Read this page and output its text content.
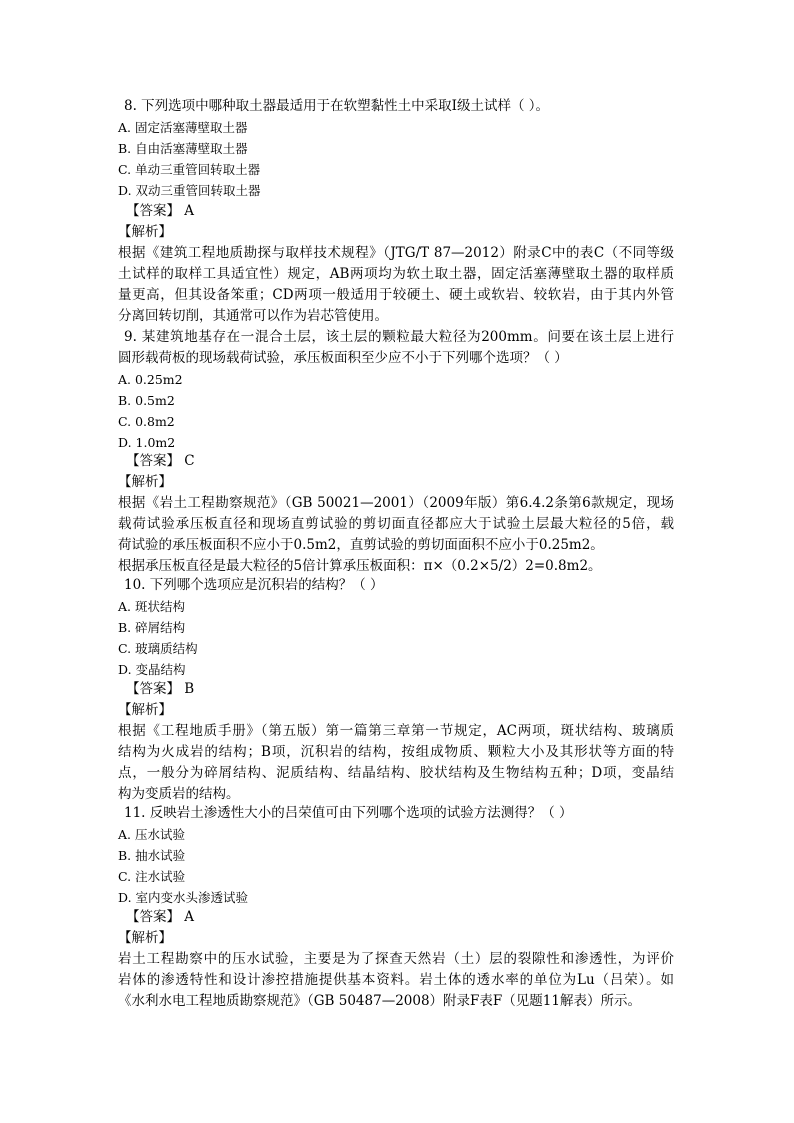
8. 下列选项中哪种取土器最适用于在软塑黏性土中采取Ⅰ级土试样（ ）。
A. 固定活塞薄壁取土器
B. 自由活塞薄壁取土器
C. 单动三重管回转取土器
D. 双动三重管回转取土器
【答案】 A
【解析】
根据《建筑工程地质勘探与取样技术规程》（JTG/T 87—2012）附录C中的表C（不同等级
土试样的取样工具适宜性）规定，AB两项均为软土取土器，固定活塞薄壁取土器的取样质
量更高，但其设备笨重；CD两项一般适用于较硬土、硬土或软岩、较软岩，由于其内外管
分离回转切削，其通常可以作为岩芯管使用。
9. 某建筑地基存在一混合土层，该土层的颗粒最大粒径为200mm。问要在该土层上进行
圆形载荷板的现场载荷试验，承压板面积至少应不小于下列哪个选项？（ ）
A. 0.25m2
B. 0.5m2
C. 0.8m2
D. 1.0m2
【答案】 C
【解析】
根据《岩土工程勘察规范》（GB 50021—2001）（2009年版）第6.4.2条第6款规定，现场
载荷试验承压板直径和现场直剪试验的剪切面直径都应大于试验土层最大粒径的5倍，载
荷试验的承压板面积不应小于0.5m2，直剪试验的剪切面面积不应小于0.25m2。
根据承压板直径是最大粒径的5倍计算承压板面积：π×（0.2×5/2）2=0.8m2。
10. 下列哪个选项应是沉积岩的结构？（ ）
A. 斑状结构
B. 碎屑结构
C. 玻璃质结构
D. 变晶结构
【答案】 B
【解析】
根据《工程地质手册》（第五版）第一篇第三章第一节规定，AC两项，斑状结构、玻璃质
结构为火成岩的结构；B项，沉积岩的结构，按组成物质、颗粒大小及其形状等方面的特
点，一般分为碎屑结构、泥质结构、结晶结构、胶状结构及生物结构五种；D项，变晶结
构为变质岩的结构。
11. 反映岩土渗透性大小的吕荣值可由下列哪个选项的试验方法测得？（ ）
A. 压水试验
B. 抽水试验
C. 注水试验
D. 室内变水头渗透试验
【答案】 A
【解析】
岩土工程勘察中的压水试验，主要是为了探查天然岩（土）层的裂隙性和渗透性，为评价
岩体的渗透特性和设计渗控措施提供基本资料。岩土体的透水率的单位为Lu（吕荣）。如
《水利水电工程地质勘察规范》（GB 50487—2008）附录F表F（见题11解表）所示。
